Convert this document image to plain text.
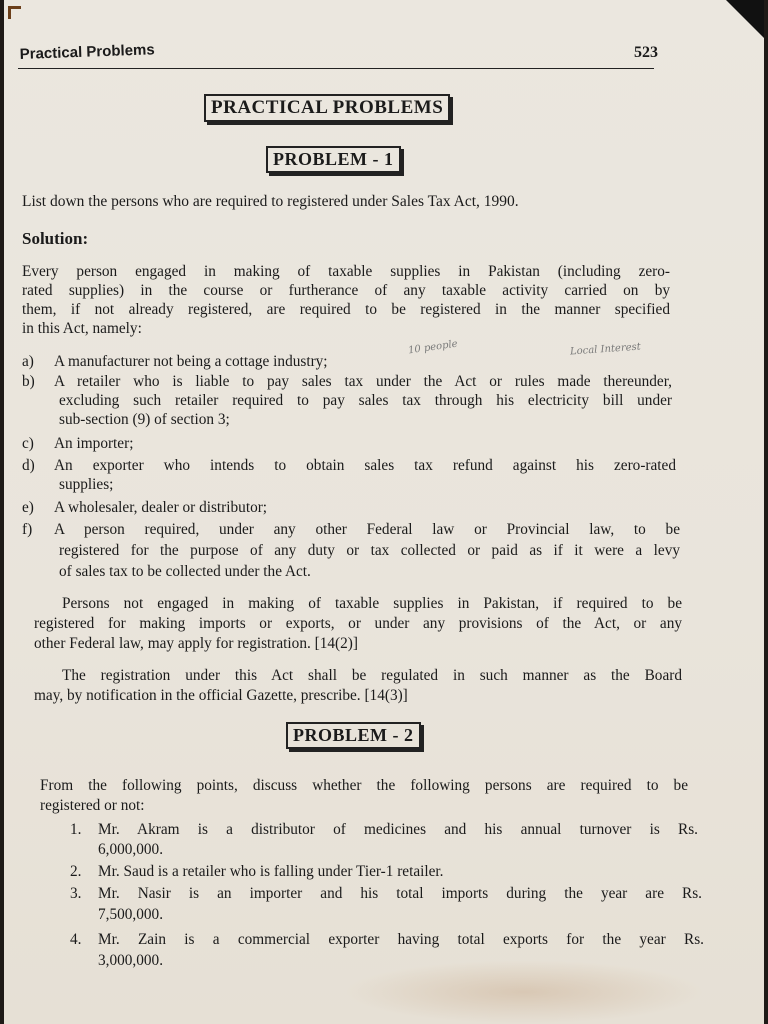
Practical Problems	523
PRACTICAL PROBLEMS
PROBLEM - 1
List down the persons who are required to registered under Sales Tax Act, 1990.
Solution:
Every person engaged in making of taxable supplies in Pakistan (including zero-
rated supplies) in the course or furtherance of any taxable activity carried on by
them, if not already registered, are required to be registered in the manner specified
in this Act, namely:
a) A manufacturer not being a cottage industry;
b) A retailer who is liable to pay sales tax under the Act or rules made thereunder,
excluding such retailer required to pay sales tax through his electricity bill under
sub-section (9) of section 3;
c) An importer;
d) An exporter who intends to obtain sales tax refund against his zero-rated
supplies;
e) A wholesaler, dealer or distributor;
f) A person required, under any other Federal law or Provincial law, to be
registered for the purpose of any duty or tax collected or paid as if it were a levy
of sales tax to be collected under the Act.
Persons not engaged in making of taxable supplies in Pakistan, if required to be
registered for making imports or exports, or under any provisions of the Act, or any
other Federal law, may apply for registration. [14(2)]
The registration under this Act shall be regulated in such manner as the Board
may, by notification in the official Gazette, prescribe. [14(3)]
PROBLEM - 2
From the following points, discuss whether the following persons are required to be
registered or not:
1. Mr. Akram is a distributor of medicines and his annual turnover is Rs.
6,000,000.
2. Mr. Saud is a retailer who is falling under Tier-1 retailer.
3. Mr. Nasir is an importer and his total imports during the year are Rs.
7,500,000.
4. Mr. Zain is a commercial exporter having total exports for the year Rs.
3,000,000.
10 people	Local Interest
